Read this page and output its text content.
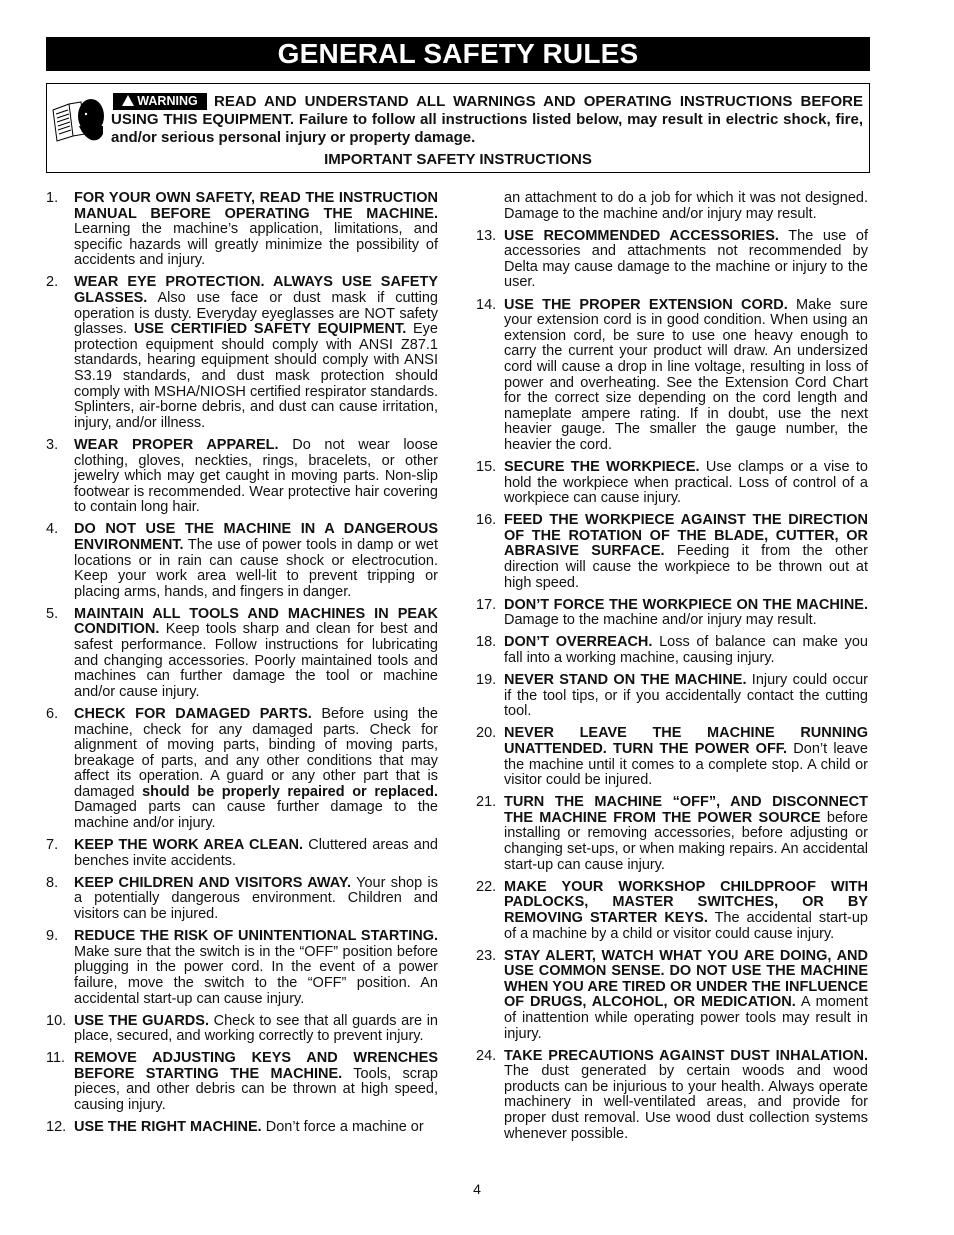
GENERAL SAFETY RULES
WARNING	READ AND UNDERSTAND ALL WARNINGS AND OPERATING INSTRUCTIONS BEFORE USING THIS EQUIPMENT. Failure to follow all instructions listed below, may result in electric shock, fire, and/or serious personal injury or property damage.
IMPORTANT SAFETY INSTRUCTIONS
1.	FOR YOUR OWN SAFETY, READ THE INSTRUCTION MANUAL BEFORE OPERATING THE MACHINE. Learning the machine’s application, limitations, and specific hazards will greatly minimize the possibility of accidents and injury.
2.	WEAR EYE PROTECTION. ALWAYS USE SAFETY GLASSES. Also use face or dust mask if cutting operation is dusty. Everyday eyeglasses are NOT safety glasses. USE CERTIFIED SAFETY EQUIPMENT. Eye protection equipment should comply with ANSI Z87.1 standards, hearing equipment should comply with ANSI S3.19 standards, and dust mask protection should comply with MSHA/NIOSH certified respirator standards. Splinters, air-borne debris, and dust can cause irritation, injury, and/or illness.
3.	WEAR PROPER APPAREL. Do not wear loose clothing, gloves, neckties, rings, bracelets, or other jewelry which may get caught in moving parts. Non-slip footwear is recommended. Wear protective hair covering to contain long hair.
4.	DO NOT USE THE MACHINE IN A DANGEROUS ENVIRONMENT. The use of power tools in damp or wet locations or in rain can cause shock or electrocution. Keep your work area well-lit to prevent tripping or placing arms, hands, and fingers in danger.
5.	MAINTAIN ALL TOOLS AND MACHINES IN PEAK CONDITION. Keep tools sharp and clean for best and safest performance. Follow instructions for lubricating and changing accessories. Poorly maintained tools and machines can further damage the tool or machine and/or cause injury.
6.	CHECK FOR DAMAGED PARTS. Before using the machine, check for any damaged parts. Check for alignment of moving parts, binding of moving parts, breakage of parts, and any other conditions that may affect its operation. A guard or any other part that is damaged should be properly repaired or replaced. Damaged parts can cause further damage to the machine and/or injury.
7.	KEEP THE WORK AREA CLEAN. Cluttered areas and benches invite accidents.
8.	KEEP CHILDREN AND VISITORS AWAY. Your shop is a potentially dangerous environment. Children and visitors can be injured.
9.	REDUCE THE RISK OF UNINTENTIONAL STARTING. Make sure that the switch is in the “OFF” position before plugging in the power cord. In the event of a power failure, move the switch to the “OFF” position. An accidental start-up can cause injury.
10. USE THE GUARDS. Check to see that all guards are in place, secured, and working correctly to prevent injury.
11. REMOVE ADJUSTING KEYS AND WRENCHES BEFORE STARTING THE MACHINE. Tools, scrap pieces, and other debris can be thrown at high speed, causing injury.
12. USE THE RIGHT MACHINE. Don’t force a machine or
an attachment to do a job for which it was not designed. Damage to the machine and/or injury may result.
13. USE RECOMMENDED ACCESSORIES. The use of accessories and attachments not recommended by Delta may cause damage to the machine or injury to the user.
14. USE THE PROPER EXTENSION CORD. Make sure your extension cord is in good condition. When using an extension cord, be sure to use one heavy enough to carry the current your product will draw. An undersized cord will cause a drop in line voltage, resulting in loss of power and overheating. See the Extension Cord Chart for the correct size depending on the cord length and nameplate ampere rating. If in doubt, use the next heavier gauge. The smaller the gauge number, the heavier the cord.
15. SECURE THE WORKPIECE. Use clamps or a vise to hold the workpiece when practical. Loss of control of a workpiece can cause injury.
16. FEED THE WORKPIECE AGAINST THE DIRECTION OF THE ROTATION OF THE BLADE, CUTTER, OR ABRASIVE SURFACE. Feeding it from the other direction will cause the workpiece to be thrown out at high speed.
17. DON’T FORCE THE WORKPIECE ON THE MACHINE. Damage to the machine and/or injury may result.
18. DON’T OVERREACH. Loss of balance can make you fall into a working machine, causing injury.
19. NEVER STAND ON THE MACHINE. Injury could occur if the tool tips, or if you accidentally contact the cutting tool.
20. NEVER LEAVE THE MACHINE RUNNING UNATTENDED. TURN THE POWER OFF. Don’t leave the machine until it comes to a complete stop. A child or visitor could be injured.
21. TURN THE MACHINE “OFF”, AND DISCONNECT THE MACHINE FROM THE POWER SOURCE before installing or removing accessories, before adjusting or changing set-ups, or when making repairs. An accidental start-up can cause injury.
22. MAKE YOUR WORKSHOP CHILDPROOF WITH PADLOCKS, MASTER SWITCHES, OR BY REMOVING STARTER KEYS. The accidental start-up of a machine by a child or visitor could cause injury.
23. STAY ALERT, WATCH WHAT YOU ARE DOING, AND USE COMMON SENSE. DO NOT USE THE MACHINE WHEN YOU ARE TIRED OR UNDER THE INFLUENCE OF DRUGS, ALCOHOL, OR MEDICATION. A moment of inattention while operating power tools may result in injury.
24. TAKE PRECAUTIONS AGAINST DUST INHALATION. The dust generated by certain woods and wood products can be injurious to your health. Always operate machinery in well-ventilated areas, and provide for proper dust removal. Use wood dust collection systems whenever possible.
4
